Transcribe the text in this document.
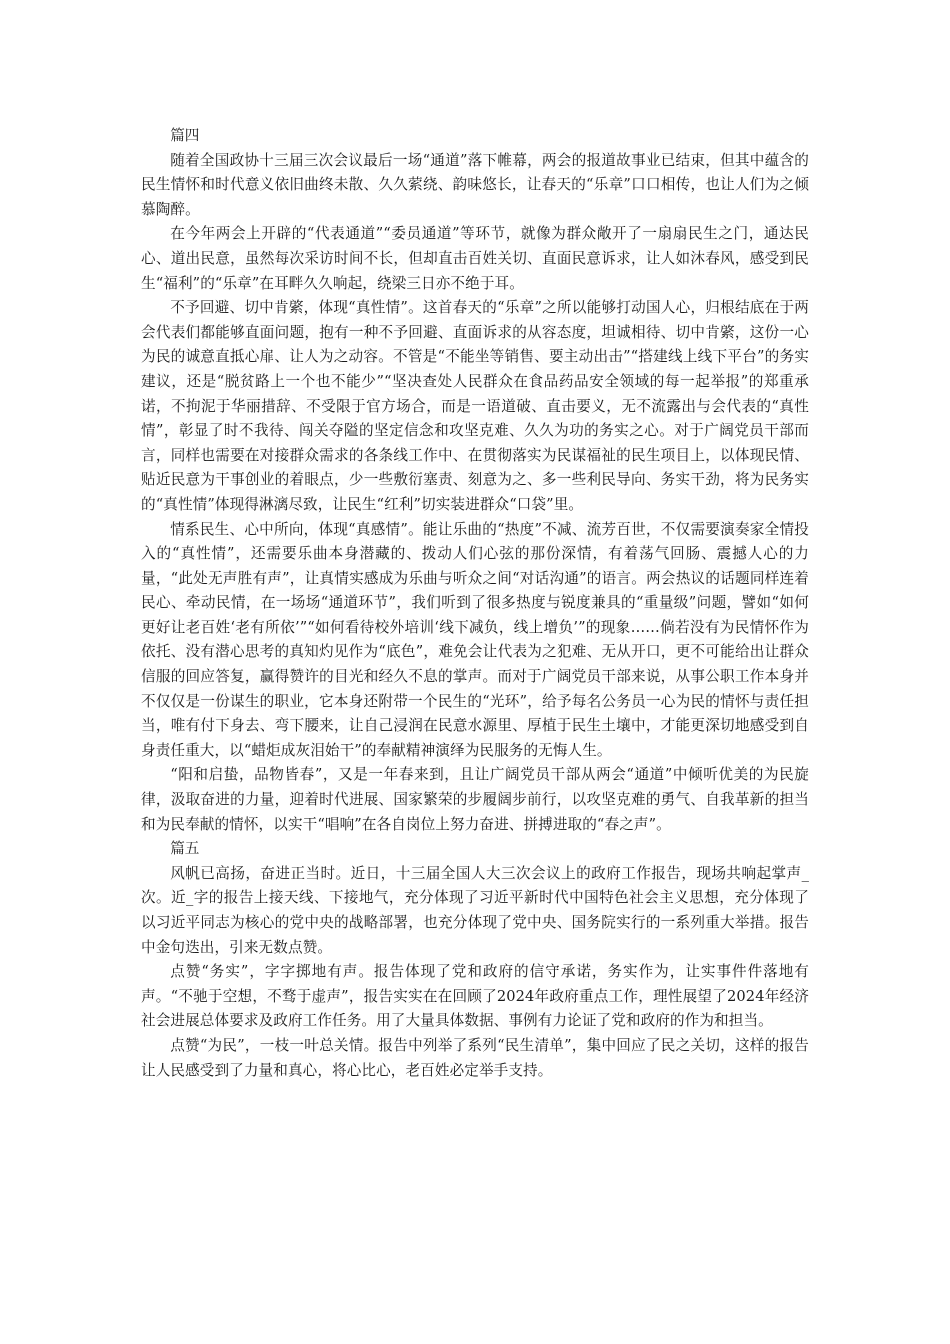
篇四

随着全国政协十三届三次会议最后一场“通道”落下帷幕，两会的报道故事业已结束，但其中蕴含的民生情怀和时代意义依旧曲终未散、久久萦绕、韵味悠长，让春天的“乐章”口口相传，也让人们为之倾慕陶醉。

在今年两会上开辟的“代表通道”“委员通道”等环节，就像为群众敞开了一扇扇民生之门，通达民心、道出民意，虽然每次采访时间不长，但却直击百姓关切、直面民意诉求，让人如沐春风，感受到民生“福利”的“乐章”在耳畔久久响起，绕梁三日亦不绝于耳。

不予回避、切中肯綮，体现“真性情”。这首春天的“乐章”之所以能够打动国人心，归根结底在于两会代表们都能够直面问题，抱有一种不予回避、直面诉求的从容态度，坦诚相待、切中肯綮，这份一心为民的诚意直抵心扉、让人为之动容。不管是“不能坐等销售、要主动出击”“搭建线上线下平台”的务实建议，还是“脱贫路上一个也不能少”“坚决查处人民群众在食品药品安全领域的每一起举报”的郑重承诺，不拘泥于华丽措辞、不受限于官方场合，而是一语道破、直击要义，无不流露出与会代表的“真性情”，彰显了时不我待、闯关夺隘的坚定信念和攻坚克难、久久为功的务实之心。对于广阔党员干部而言，同样也需要在对接群众需求的各条线工作中、在贯彻落实为民谋福祉的民生项目上，以体现民情、贴近民意为干事创业的着眼点，少一些敷衍塞责、刻意为之、多一些利民导向、务实干劲，将为民务实的“真性情”体现得淋漓尽致，让民生“红利”切实装进群众“口袋”里。

情系民生、心中所向，体现“真感情”。能让乐曲的“热度”不减、流芳百世，不仅需要演奏家全情投入的“真性情”，还需要乐曲本身潜藏的、拨动人们心弦的那份深情，有着荡气回肠、震撼人心的力量，“此处无声胜有声”，让真情实感成为乐曲与听众之间“对话沟通”的语言。两会热议的话题同样连着民心、牵动民情，在一场场“通道环节”，我们听到了很多热度与锐度兼具的“重量级”问题，譬如“如何更好让老百姓‘老有所依’”“如何看待校外培训‘线下减负，线上增负’”的现象……倘若没有为民情怀作为依托、没有潜心思考的真知灼见作为“底色”，难免会让代表为之犯难、无从开口，更不可能给出让群众信服的回应答复，赢得赞许的目光和经久不息的掌声。而对于广阔党员干部来说，从事公职工作本身并不仅仅是一份谋生的职业，它本身还附带一个民生的“光环”，给予每名公务员一心为民的情怀与责任担当，唯有付下身去、弯下腰来，让自己浸润在民意水源里、厚植于民生土壤中，才能更深切地感受到自身责任重大，以“蜡炬成灰泪始干”的奉献精神演绎为民服务的无悔人生。

“阳和启蛰，品物皆春”，又是一年春来到，且让广阔党员干部从两会“通道”中倾听优美的为民旋律，汲取奋进的力量，迎着时代进展、国家繁荣的步履阔步前行，以攻坚克难的勇气、自我革新的担当和为民奉献的情怀，以实干“唱响”在各自岗位上努力奋进、拼搏进取的“春之声”。

篇五

风帆已高扬，奋进正当时。近日，十三届全国人大三次会议上的政府工作报告，现场共响起掌声_次。近_字的报告上接天线、下接地气，充分体现了习近平新时代中国特色社会主义思想，充分体现了以习近平同志为核心的党中央的战略部署，也充分体现了党中央、国务院实行的一系列重大举措。报告中金句迭出，引来无数点赞。

点赞“务实”，字字掷地有声。报告体现了党和政府的信守承诺，务实作为，让实事件件落地有声。“不驰于空想，不骛于虚声”，报告实实在在回顾了2024年政府重点工作，理性展望了2024年经济社会进展总体要求及政府工作任务。用了大量具体数据、事例有力论证了党和政府的作为和担当。

点赞“为民”，一枝一叶总关情。报告中列举了系列“民生清单”，集中回应了民之关切，这样的报告让人民感受到了力量和真心，将心比心，老百姓必定举手支持。
